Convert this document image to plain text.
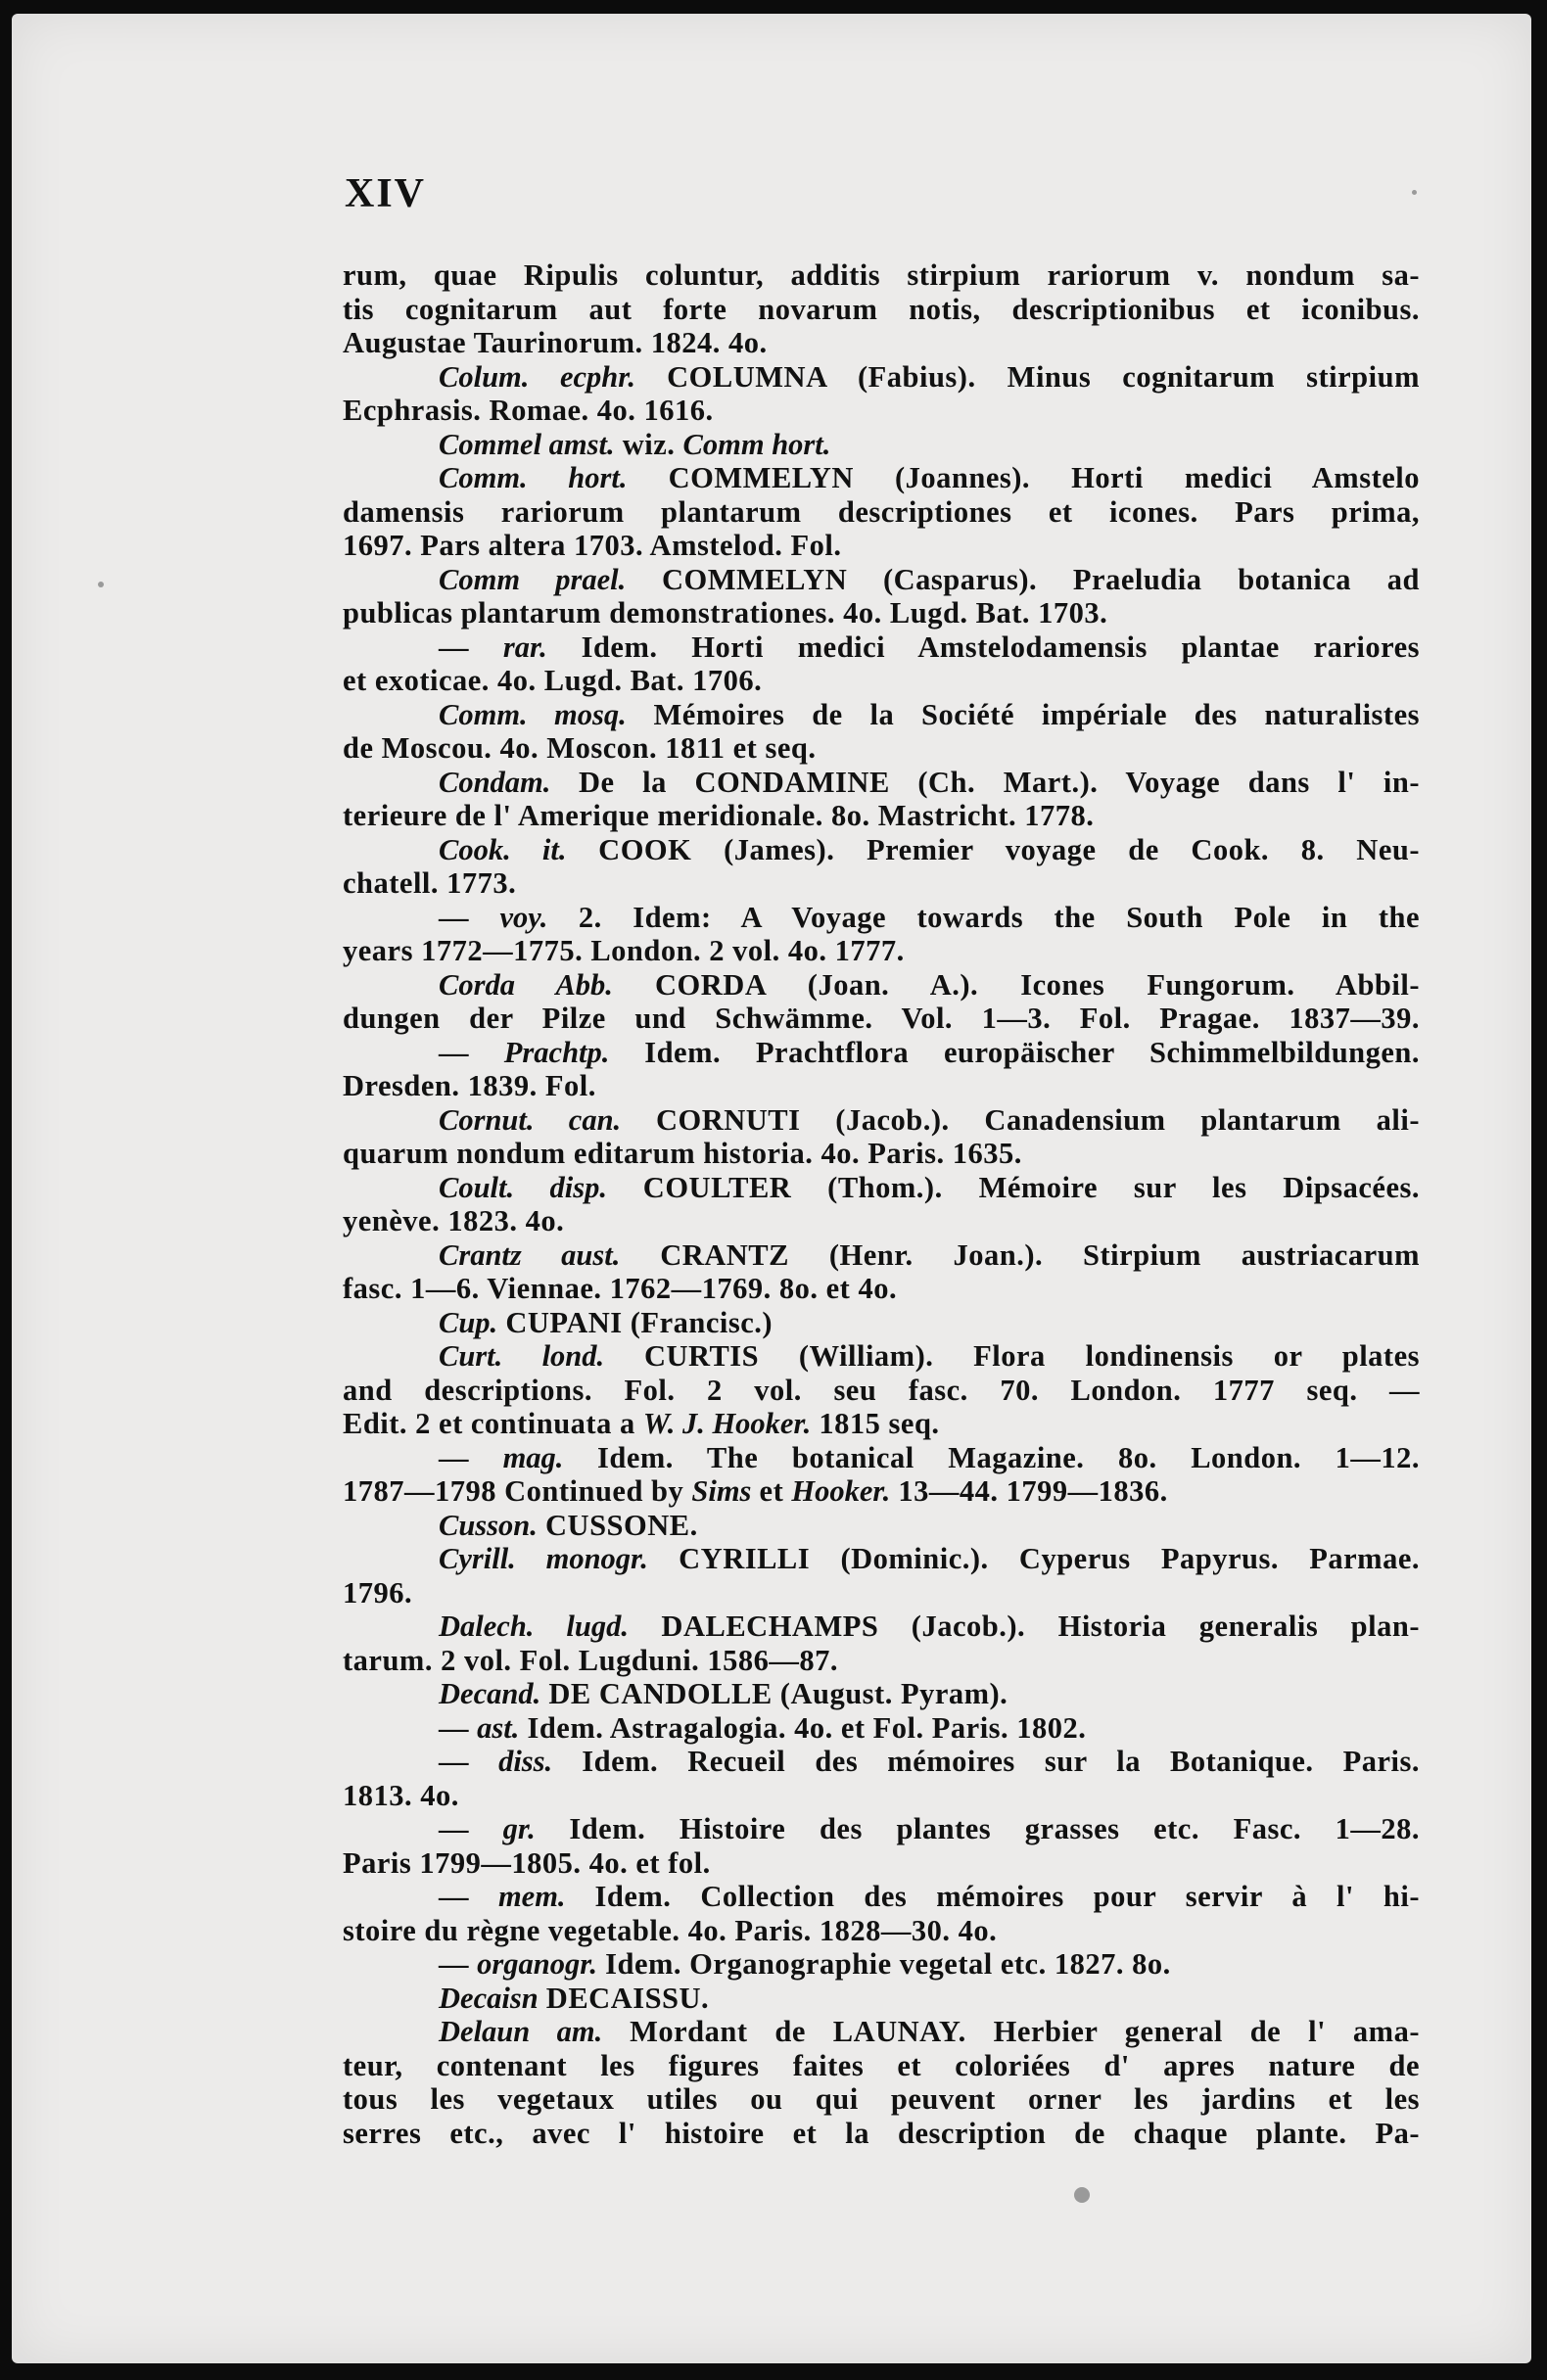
XIV
rum, quae Ripulis coluntur, additis stirpium rariorum v. nondum sa-
tis cognitarum aut forte novarum notis, descriptionibus et iconibus.
Augustae Taurinorum. 1824. 4o.
Colum. ecphr. COLUMNA (Fabius). Minus cognitarum stirpium
Ecphrasis. Romae. 4o. 1616.
Commel amst. wiz. Comm hort.
Comm. hort. COMMELYN (Joannes). Horti medici Amstelo
damensis rariorum plantarum descriptiones et icones. Pars prima,
1697. Pars altera 1703. Amstelod. Fol.
Comm prael. COMMELYN (Casparus). Praeludia botanica ad
publicas plantarum demonstrationes. 4o. Lugd. Bat. 1703.
— rar. Idem. Horti medici Amstelodamensis plantae rariores
et exoticae. 4o. Lugd. Bat. 1706.
Comm. mosq. Mémoires de la Société impériale des naturalistes
de Moscou. 4o. Moscon. 1811 et seq.
Condam. De la CONDAMINE (Ch. Mart.). Voyage dans l' in-
terieure de l' Amerique meridionale. 8o. Mastricht. 1778.
Cook. it. COOK (James). Premier voyage de Cook. 8. Neu-
chatell. 1773.
— voy. 2. Idem: A Voyage towards the South Pole in the
years 1772—1775. London. 2 vol. 4o. 1777.
Corda Abb. CORDA (Joan. A.). Icones Fungorum. Abbil-
dungen der Pilze und Schwämme. Vol. 1—3. Fol. Pragae. 1837—39.
— Prachtp. Idem. Prachtflora europäischer Schimmelbildungen.
Dresden. 1839. Fol.
Cornut. can. CORNUTI (Jacob.). Canadensium plantarum ali-
quarum nondum editarum historia. 4o. Paris. 1635.
Coult. disp. COULTER (Thom.). Mémoire sur les Dipsacées.
yenève. 1823. 4o.
Crantz aust. CRANTZ (Henr. Joan.). Stirpium austriacarum
fasc. 1—6. Viennae. 1762—1769. 8o. et 4o.
Cup. CUPANI (Francisc.)
Curt. lond. CURTIS (William). Flora londinensis or plates
and descriptions. Fol. 2 vol. seu fasc. 70. London. 1777 seq. —
Edit. 2 et continuata a W. J. Hooker. 1815 seq.
— mag. Idem. The botanical Magazine. 8o. London. 1—12.
1787—1798 Continued by Sims et Hooker. 13—44. 1799—1836.
Cusson. CUSSONE.
Cyrill. monogr. CYRILLI (Dominic.). Cyperus Papyrus. Parmae.
1796.
Dalech. lugd. DALECHAMPS (Jacob.). Historia generalis plan-
tarum. 2 vol. Fol. Lugduni. 1586—87.
Decand. DE CANDOLLE (August. Pyram).
— ast. Idem. Astragalogia. 4o. et Fol. Paris. 1802.
— diss. Idem. Recueil des mémoires sur la Botanique. Paris.
1813. 4o.
— gr. Idem. Histoire des plantes grasses etc. Fasc. 1—28.
Paris 1799—1805. 4o. et fol.
— mem. Idem. Collection des mémoires pour servir à l' hi-
stoire du règne vegetable. 4o. Paris. 1828—30. 4o.
— organogr. Idem. Organographie vegetal etc. 1827. 8o.
Decaisn DECAISSU.
Delaun am. Mordant de LAUNAY. Herbier general de l' ama-
teur, contenant les figures faites et coloriées d' apres nature de
tous les vegetaux utiles ou qui peuvent orner les jardins et les
serres etc., avec l' histoire et la description de chaque plante. Pa-
